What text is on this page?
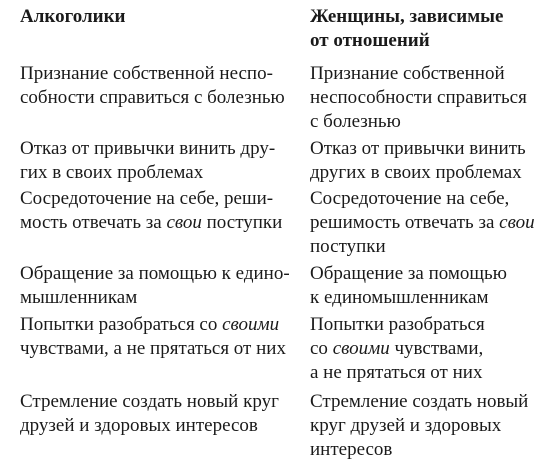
Алкоголики	Женщины, зависимые
от отношений
Признание собственной неспо-
собности справиться с болезнью
Признание собственной
неспособности справиться
с болезнью
Отказ от привычки винить дру-
гих в своих проблемах
Отказ от привычки винить
других в своих проблемах
Сосредоточение на себе, реши-
мость отвечать за свои поступки
Сосредоточение на себе,
решимость отвечать за свои
поступки
Обращение за помощью к едино-
мышленникам
Обращение за помощью
к единомышленникам
Попытки разобраться со своими
чувствами, а не прятаться от них
Попытки разобраться
со своими чувствами,
а не прятаться от них
Стремление создать новый круг
друзей и здоровых интересов
Стремление создать новый
круг друзей и здоровых
интересов
